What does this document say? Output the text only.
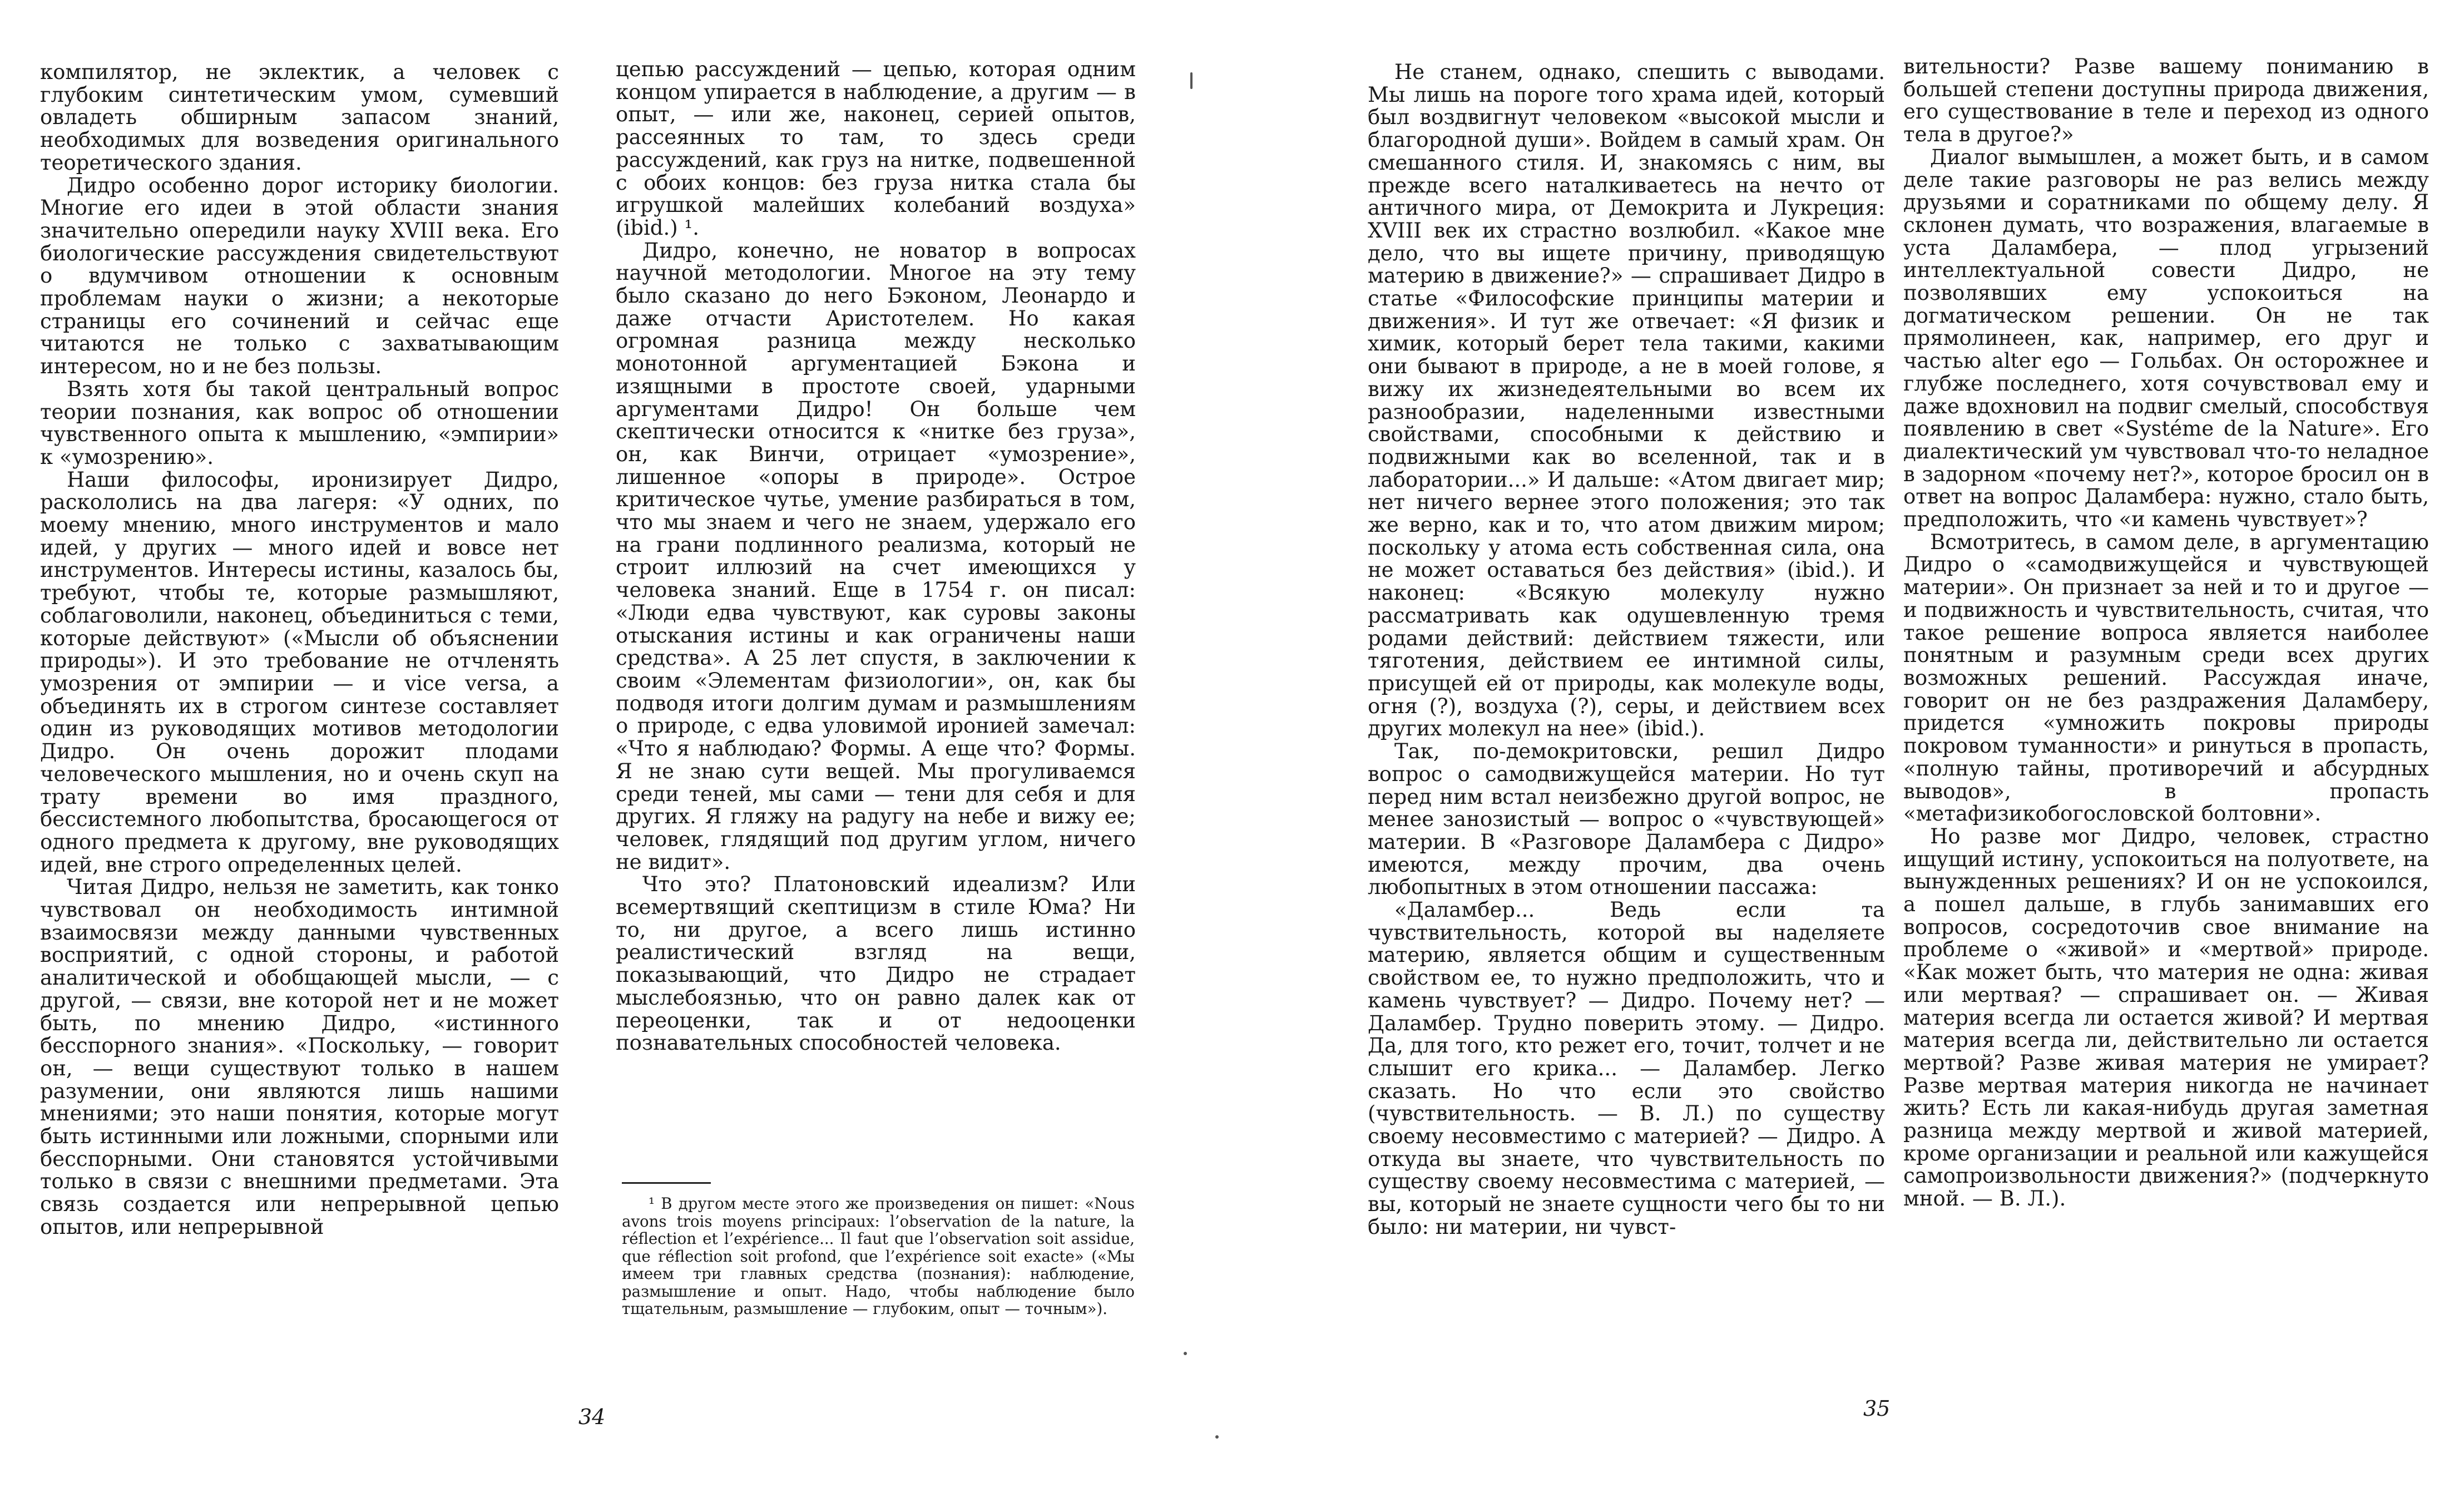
компилятор, не эклектик, а человек с глубоким синтетическим умом, сумевший овладеть обширным запасом знаний, необходимых для возведения оригинального теоретического здания.

Дидро особенно дорог историку биологии. Многие его идеи в этой области знания значительно опередили науку XVIII века. Его биологические рассуждения свидетельствуют о вдумчивом отношении к основным проблемам науки о жизни; а некоторые страницы его сочинений и сейчас еще читаются не только с захватывающим интересом, но и не без пользы.

Взять хотя бы такой центральный вопрос теории познания, как вопрос об отношении чувственного опыта к мышлению, «эмпирии» к «умозрению».

Наши философы, иронизирует Дидро, раскололись на два лагеря: «У одних, по моему мнению, много инструментов и мало идей, у других — много идей и вовсе нет инструментов. Интересы истины, казалось бы, требуют, чтобы те, которые размышляют, соблаговолили, наконец, объединиться с теми, которые действуют» («Мысли об объяснении природы»). И это требование не отчленять умозрения от эмпирии — и vice versa, а объединять их в строгом синтезе составляет один из руководящих мотивов методологии Дидро. Он очень дорожит плодами человеческого мышления, но и очень скуп на трату времени во имя праздного, бессистемного любопытства, бросающегося от одного предмета к другому, вне руководящих идей, вне строго определенных целей.

Читая Дидро, нельзя не заметить, как тонко чувствовал он необходимость интимной взаимосвязи между данными чувственных восприятий, с одной стороны, и работой аналитической и обобщающей мысли, — с другой, — связи, вне которой нет и не может быть, по мнению Дидро, «истинного бесспорного знания». «Поскольку, — говорит он, — вещи существуют только в нашем разумении, они являются лишь нашими мнениями; это наши понятия, которые могут быть истинными или ложными, спорными или бесспорными. Они становятся устойчивыми только в связи с внешними предметами. Эта связь создается или непрерывной цепью опытов, или непрерывной

цепью рассуждений — цепью, которая одним концом упирается в наблюдение, а другим — в опыт, — или же, наконец, серией опытов, рассеянных то там, то здесь среди рассуждений, как груз на нитке, подвешенной с обоих концов: без груза нитка стала бы игрушкой малейших колебаний воздуха» (ibid.) ¹.

Дидро, конечно, не новатор в вопросах научной методологии. Многое на эту тему было сказано до него Бэконом, Леонардо и даже отчасти Аристотелем. Но какая огромная разница между несколько монотонной аргументацией Бэкона и изящными в простоте своей, ударными аргументами Дидро! Он больше чем скептически относится к «нитке без груза», он, как Винчи, отрицает «умозрение», лишенное «опоры в природе». Острое критическое чутье, умение разбираться в том, что мы знаем и чего не знаем, удержало его на грани подлинного реализма, который не строит иллюзий на счет имеющихся у человека знаний. Еще в 1754 г. он писал: «Люди едва чувствуют, как суровы законы отыскания истины и как ограничены наши средства». А 25 лет спустя, в заключении к своим «Элементам физиологии», он, как бы подводя итоги долгим думам и размышлениям о природе, с едва уловимой иронией замечал: «Что я наблюдаю? Формы. А еще что? Формы. Я не знаю сути вещей. Мы прогуливаемся среди теней, мы сами — тени для себя и для других. Я гляжу на радугу на небе и вижу ее; человек, глядящий под другим углом, ничего не видит».

Что это? Платоновский идеализм? Или всемертвящий скептицизм в стиле Юма? Ни то, ни другое, а всего лишь истинно реалистический взгляд на вещи, показывающий, что Дидро не страдает мыслебоязнью, что он равно далек как от переоценки, так и от недооценки познавательных способностей человека.

¹ В другом месте этого же произведения он пишет: «Nous avons trois moyens principaux: l’observation de la nature, la réflection et l’expérience... Il faut que l’observation soit assidue, que réflection soit profond, que l’expérience soit exacte» («Мы имеем три главных средства (познания): наблюдение, размышление и опыт. Надо, чтобы наблюдение было тщательным, размышление — глубоким, опыт — точным»).

34

Не станем, однако, спешить с выводами. Мы лишь на пороге того храма идей, который был воздвигнут человеком «высокой мысли и благородной души». Войдем в самый храм. Он смешанного стиля. И, знакомясь с ним, вы прежде всего наталкиваетесь на нечто от античного мира, от Демокрита и Лукреция: XVIII век их страстно возлюбил. «Какое мне дело, что вы ищете причину, приводящую материю в движение?» — спрашивает Дидро в статье «Философские принципы материи и движения». И тут же отвечает: «Я физик и химик, который берет тела такими, какими они бывают в природе, а не в моей голове, я вижу их жизнедеятельными во всем их разнообразии, наделенными известными свойствами, способными к действию и подвижными как во вселенной, так и в лаборатории...» И дальше: «Атом двигает мир; нет ничего вернее этого положения; это так же верно, как и то, что атом движим миром; поскольку у атома есть собственная сила, она не может оставаться без действия» (ibid.). И наконец: «Всякую молекулу нужно рассматривать как одушевленную тремя родами действий: действием тяжести, или тяготения, действием ее интимной силы, присущей ей от природы, как молекуле воды, огня (?), воздуха (?), серы, и действием всех других молекул на нее» (ibid.).

Так, по-демокритовски, решил Дидро вопрос о самодвижущейся материи. Но тут перед ним встал неизбежно другой вопрос, не менее занозистый — вопрос о «чувствующей» материи. В «Разговоре Даламбера с Дидро» имеются, между прочим, два очень любопытных в этом отношении пассажа:

«Даламбер... Ведь если та чувствительность, которой вы наделяете материю, является общим и существенным свойством ее, то нужно предположить, что и камень чувствует? — Дидро. Почему нет? — Даламбер. Трудно поверить этому. — Дидро. Да, для того, кто режет его, точит, толчет и не слышит его крика... — Даламбер. Легко сказать. Но что если это свойство (чувствительность. — В. Л.) по существу своему несовместимо с материей? — Дидро. А откуда вы знаете, что чувствительность по существу своему несовместима с материей, — вы, который не знаете сущности чего бы то ни было: ни материи, ни чувст-

вительности? Разве вашему пониманию в большей степени доступны природа движения, его существование в теле и переход из одного тела в другое?»

Диалог вымышлен, а может быть, и в самом деле такие разговоры не раз велись между друзьями и соратниками по общему делу. Я склонен думать, что возражения, влагаемые в уста Даламбера, — плод угрызений интеллектуальной совести Дидро, не позволявших ему успокоиться на догматическом решении. Он не так прямолинеен, как, например, его друг и частью alter ego — Гольбах. Он осторожнее и глубже последнего, хотя сочувствовал ему и даже вдохновил на подвиг смелый, способствуя появлению в свет «Systéme de la Nature». Его диалектический ум чувствовал что-то неладное в задорном «почему нет?», которое бросил он в ответ на вопрос Даламбера: нужно, стало быть, предположить, что «и камень чувствует»?

Всмотритесь, в самом деле, в аргументацию Дидро о «самодвижущейся и чувствующей материи». Он признает за ней и то и другое — и подвижность и чувствительность, считая, что такое решение вопроса является наиболее понятным и разумным среди всех других возможных решений. Рассуждая иначе, говорит он не без раздражения Даламберу, придется «умножить покровы природы покровом туманности» и ринуться в пропасть, «полную тайны, противоречий и абсурдных выводов», в пропасть «метафизикобогословской болтовни».

Но разве мог Дидро, человек, страстно ищущий истину, успокоиться на полуответе, на вынужденных решениях? И он не успокоился, а пошел дальше, в глубь занимавших его вопросов, сосредоточив свое внимание на проблеме о «живой» и «мертвой» природе. «Как может быть, что материя не одна: живая или мертвая? — спрашивает он. — Живая материя всегда ли остается живой? И мертвая материя всегда ли, действительно ли остается мертвой? Разве живая материя не умирает? Разве мертвая материя никогда не начинает жить? Есть ли какая-нибудь другая заметная разница между мертвой и живой материей, кроме организации и реальной или кажущейся самопроизвольности движения?» (подчеркнуто мной. — В. Л.).

35
